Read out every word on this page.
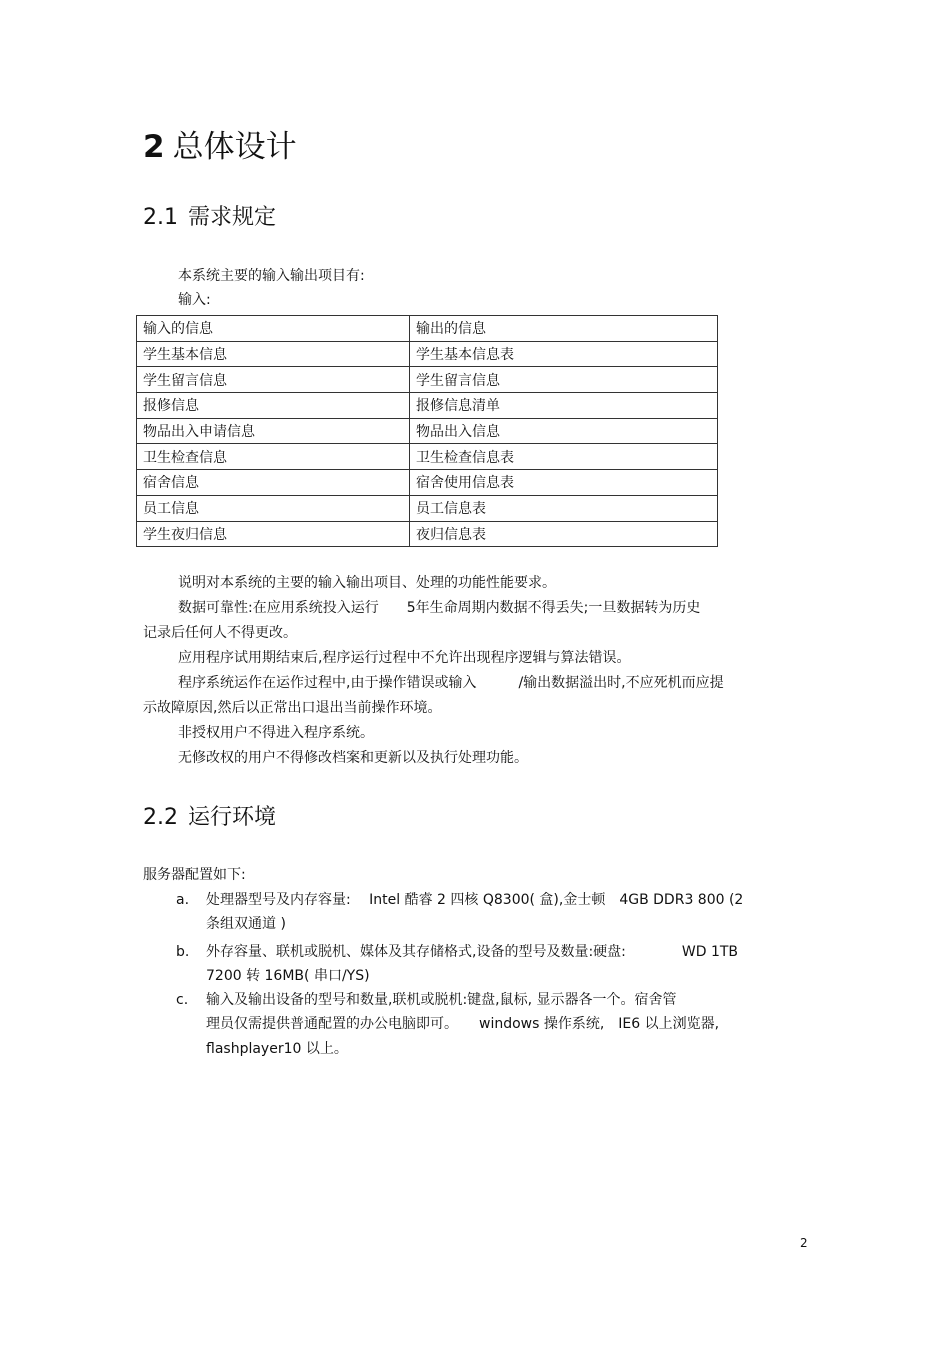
2 总体设计
2.1 需求规定
本系统主要的输入输出项目有:
输入:
输入的信息	输出的信息
学生基本信息	学生基本信息表
学生留言信息	学生留言信息
报修信息	报修信息清单
物品出入申请信息	物品出入信息
卫生检查信息	卫生检查信息表
宿舍信息	宿舍使用信息表
员工信息	员工信息表
学生夜归信息	夜归信息表
说明对本系统的主要的输入输出项目、处理的功能性能要求。
数据可靠性:在应用系统投入运行　　5年生命周期内数据不得丢失;一旦数据转为历史
记录后任何人不得更改。
应用程序试用期结束后,程序运行过程中不允许出现程序逻辑与算法错误。
程序系统运作在运作过程中,由于操作错误或输入　　　/输出数据溢出时,不应死机而应提
示故障原因,然后以正常出口退出当前操作环境。
非授权用户不得进入程序系统。
无修改权的用户不得修改档案和更新以及执行处理功能。
2.2 运行环境
服务器配置如下:
a. 处理器型号及内存容量:　 Intel 酷睿 2 四核 Q8300( 盒),金士顿　4GB DDR3 800 (2
条组双通道 )
b. 外存容量、联机或脱机、媒体及其存储格式,设备的型号及数量:硬盘:　　　　WD 1TB
7200 转 16MB( 串口/YS)
c. 输入及输出设备的型号和数量,联机或脱机:键盘,鼠标, 显示器各一个。宿舍管
理员仅需提供普通配置的办公电脑即可。　　windows 操作系统,　IE6 以上浏览器,
flashplayer10 以上。
2
